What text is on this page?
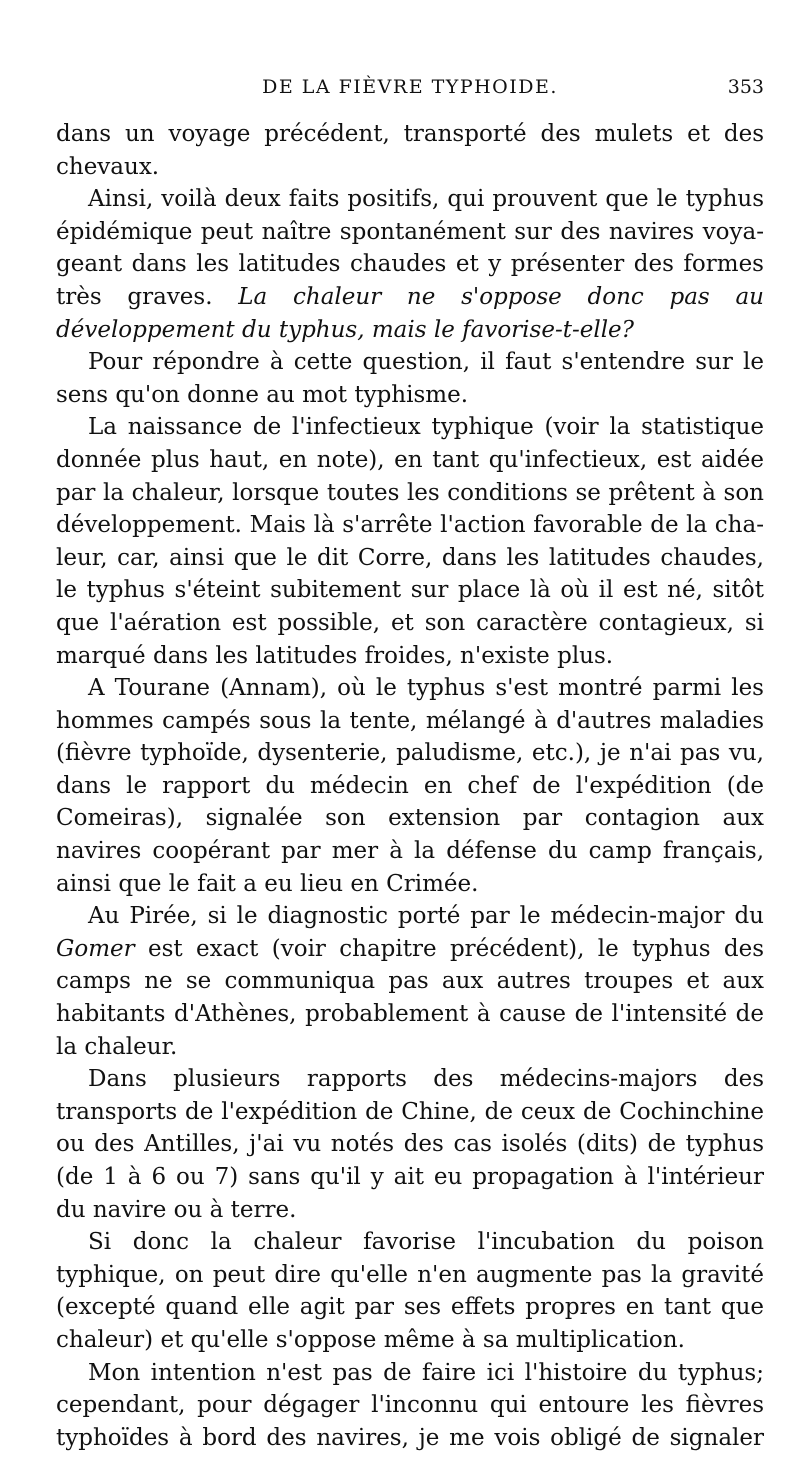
DE LA FIÈVRE TYPHOIDE.	353

dans un voyage précédent, transporté des mulets et des chevaux.

Ainsi, voilà deux faits positifs, qui prouvent que le typhus épidémique peut naître spontanément sur des navires voyageant dans les latitudes chaudes et y présenter des formes très graves. La chaleur ne s'oppose donc pas au développement du typhus, mais le favorise-t-elle?

Pour répondre à cette question, il faut s'entendre sur le sens qu'on donne au mot typhisme.

La naissance de l'infectieux typhique (voir la statistique donnée plus haut, en note), en tant qu'infectieux, est aidée par la chaleur, lorsque toutes les conditions se prêtent à son développement. Mais là s'arrête l'action favorable de la chaleur, car, ainsi que le dit Corre, dans les latitudes chaudes, le typhus s'éteint subitement sur place là où il est né, sitôt que l'aération est possible, et son caractère contagieux, si marqué dans les latitudes froides, n'existe plus.

A Tourane (Annam), où le typhus s'est montré parmi les hommes campés sous la tente, mélangé à d'autres maladies (fièvre typhoïde, dysenterie, paludisme, etc.), je n'ai pas vu, dans le rapport du médecin en chef de l'expédition (de Comeiras), signalée son extension par contagion aux navires coopérant par mer à la défense du camp français, ainsi que le fait a eu lieu en Crimée.

Au Pirée, si le diagnostic porté par le médecin-major du Gomer est exact (voir chapitre précédent), le typhus des camps ne se communiqua pas aux autres troupes et aux habitants d'Athènes, probablement à cause de l'intensité de la chaleur.

Dans plusieurs rapports des médecins-majors des transports de l'expédition de Chine, de ceux de Cochinchine ou des Antilles, j'ai vu notés des cas isolés (dits) de typhus (de 1 à 6 ou 7) sans qu'il y ait eu propagation à l'intérieur du navire ou à terre.

Si donc la chaleur favorise l'incubation du poison typhique, on peut dire qu'elle n'en augmente pas la gravité (excepté quand elle agit par ses effets propres en tant que chaleur) et qu'elle s'oppose même à sa multiplication.

Mon intention n'est pas de faire ici l'histoire du typhus; cependant, pour dégager l'inconnu qui entoure les fièvres typhoïdes à bord des navires, je me vois obligé de signaler
